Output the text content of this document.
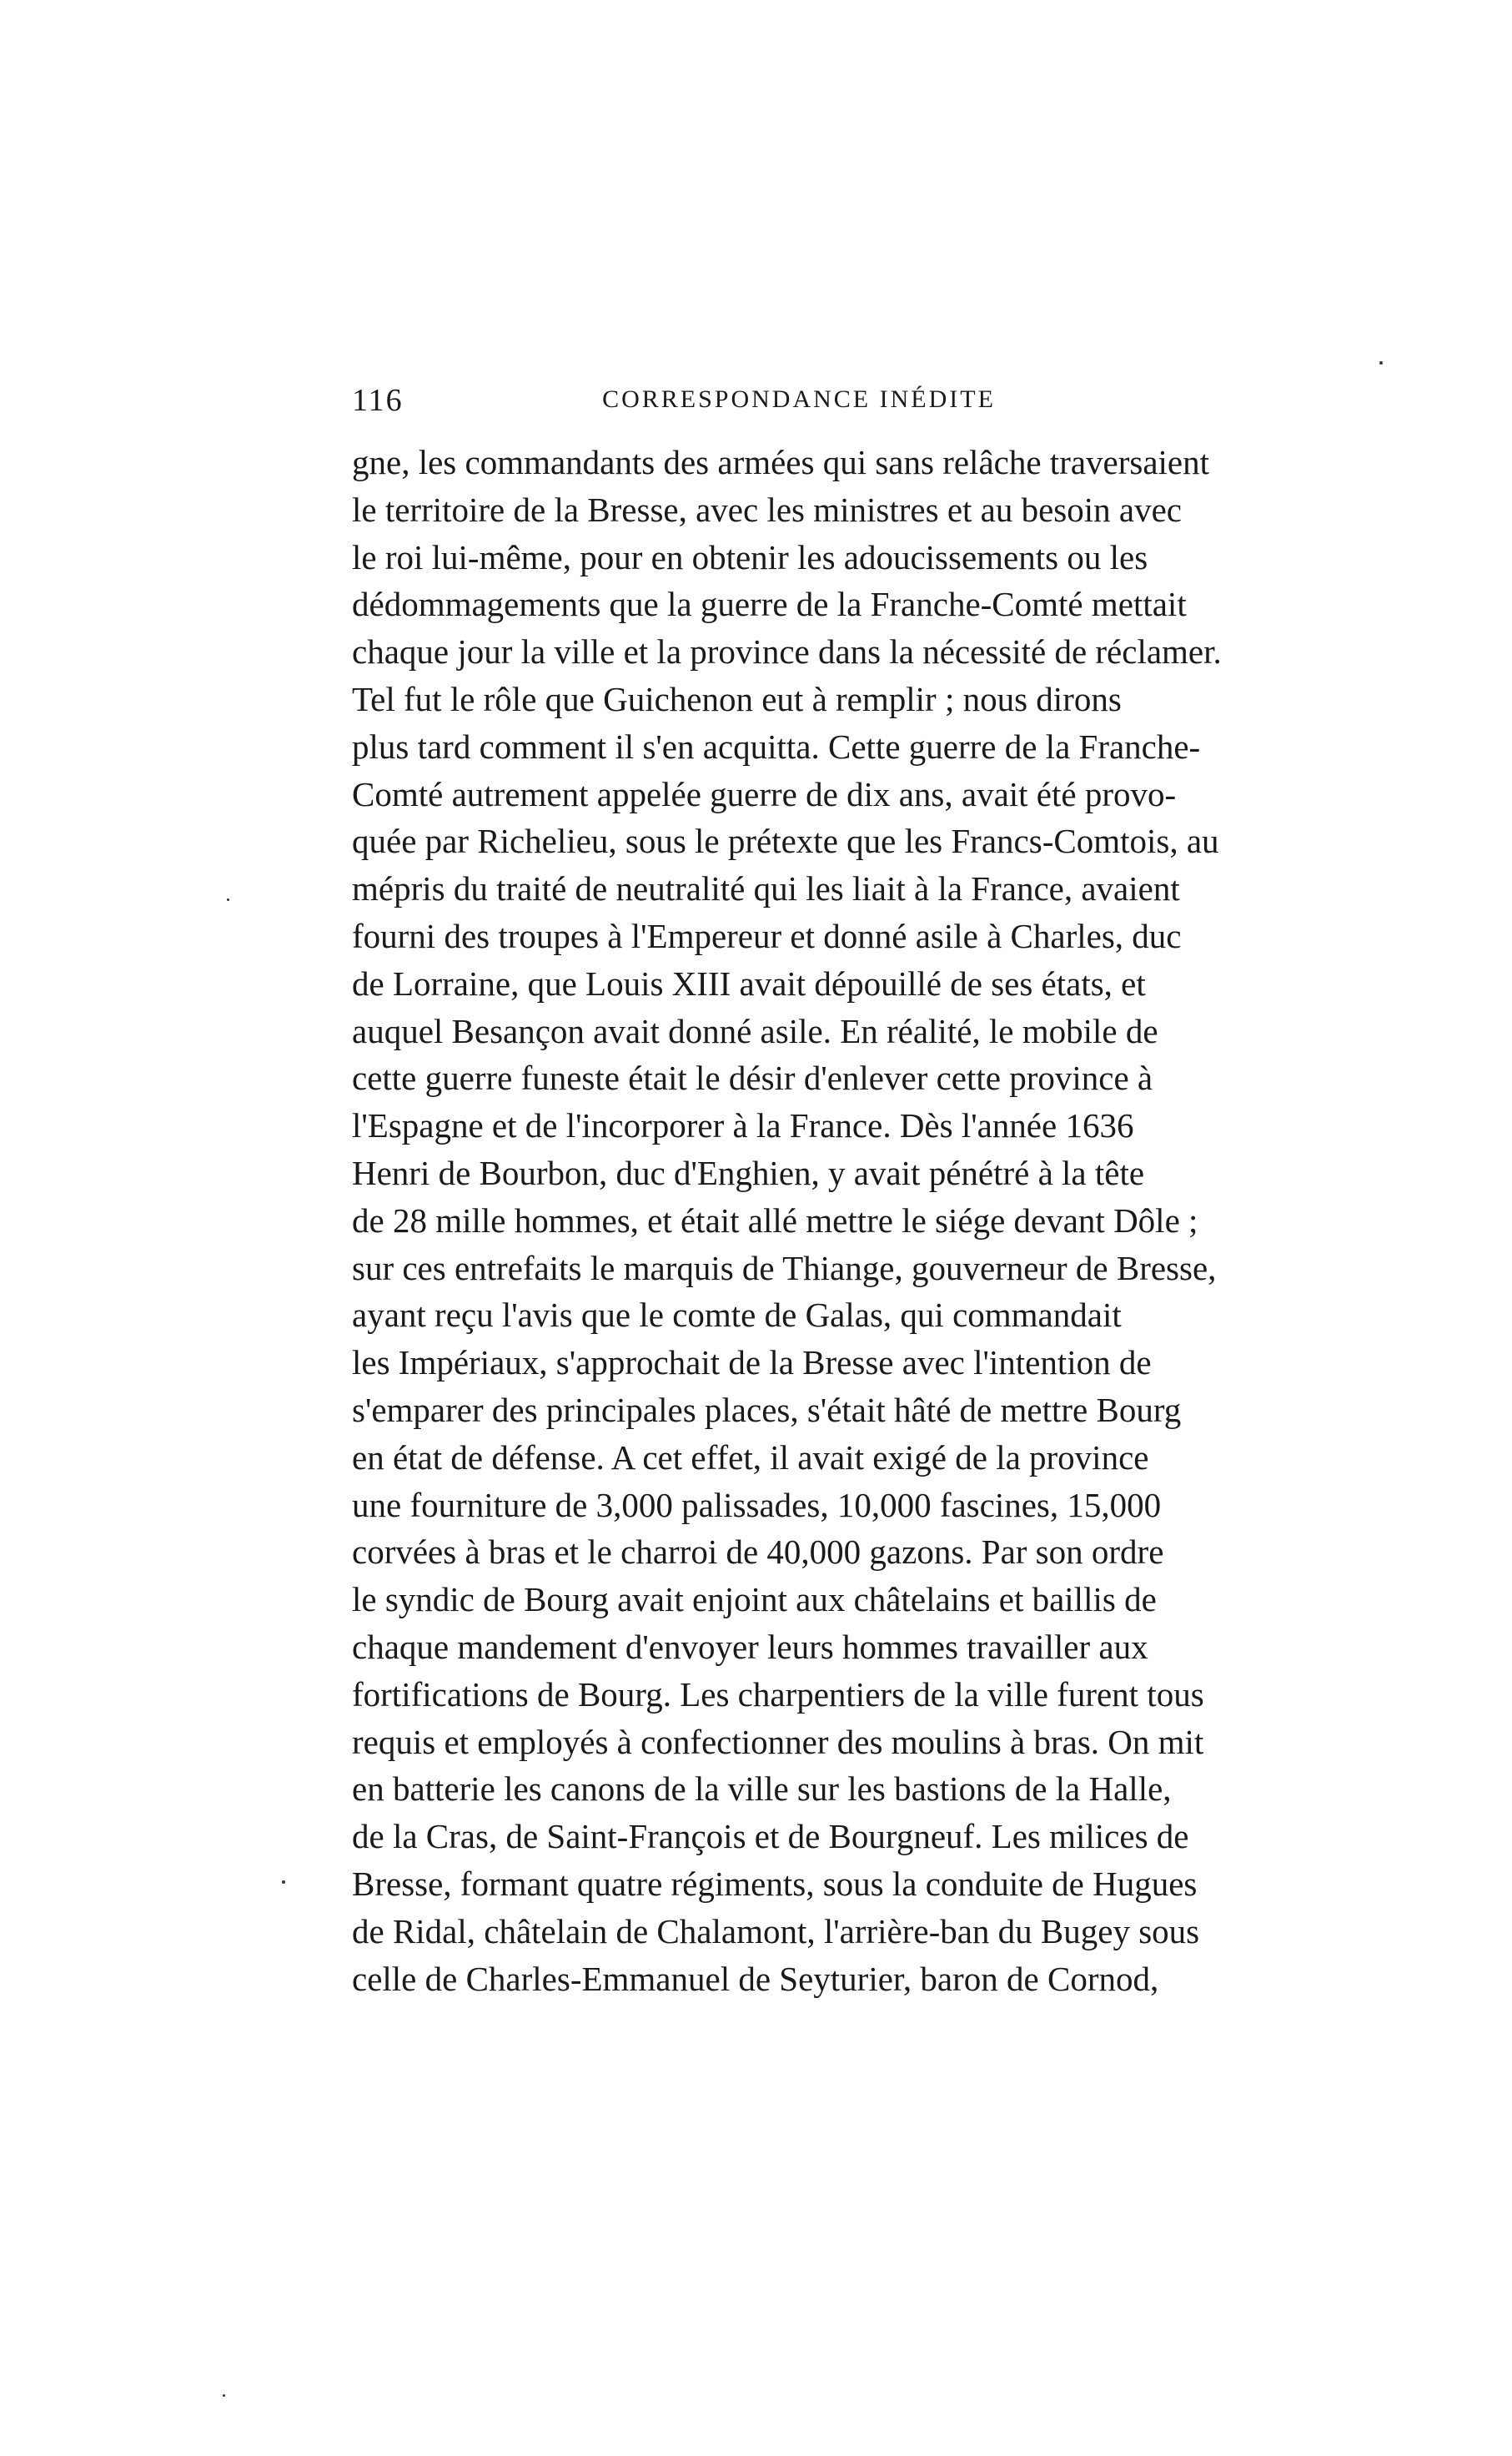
116	CORRESPONDANCE INÉDITE
gne, les commandants des armées qui sans relâche traversaient
le territoire de la Bresse, avec les ministres et au besoin avec
le roi lui-même, pour en obtenir les adoucissements ou les
dédommagements que la guerre de la Franche-Comté mettait
chaque jour la ville et la province dans la nécessité de réclamer.
Tel fut le rôle que Guichenon eut à remplir ; nous dirons
plus tard comment il s'en acquitta. Cette guerre de la Franche-
Comté autrement appelée guerre de dix ans, avait été provo-
quée par Richelieu, sous le prétexte que les Francs-Comtois, au
mépris du traité de neutralité qui les liait à la France, avaient
fourni des troupes à l'Empereur et donné asile à Charles, duc
de Lorraine, que Louis XIII avait dépouillé de ses états, et
auquel Besançon avait donné asile. En réalité, le mobile de
cette guerre funeste était le désir d'enlever cette province à
l'Espagne et de l'incorporer à la France. Dès l'année 1636
Henri de Bourbon, duc d'Enghien, y avait pénétré à la tête
de 28 mille hommes, et était allé mettre le siége devant Dôle ;
sur ces entrefaits le marquis de Thiange, gouverneur de Bresse,
ayant reçu l'avis que le comte de Galas, qui commandait
les Impériaux, s'approchait de la Bresse avec l'intention de
s'emparer des principales places, s'était hâté de mettre Bourg
en état de défense. A cet effet, il avait exigé de la province
une fourniture de 3,000 palissades, 10,000 fascines, 15,000
corvées à bras et le charroi de 40,000 gazons. Par son ordre
le syndic de Bourg avait enjoint aux châtelains et baillis de
chaque mandement d'envoyer leurs hommes travailler aux
fortifications de Bourg. Les charpentiers de la ville furent tous
requis et employés à confectionner des moulins à bras. On mit
en batterie les canons de la ville sur les bastions de la Halle,
de la Cras, de Saint-François et de Bourgneuf. Les milices de
Bresse, formant quatre régiments, sous la conduite de Hugues
de Ridal, châtelain de Chalamont, l'arrière-ban du Bugey sous
celle de Charles-Emmanuel de Seyturier, baron de Cornod,
